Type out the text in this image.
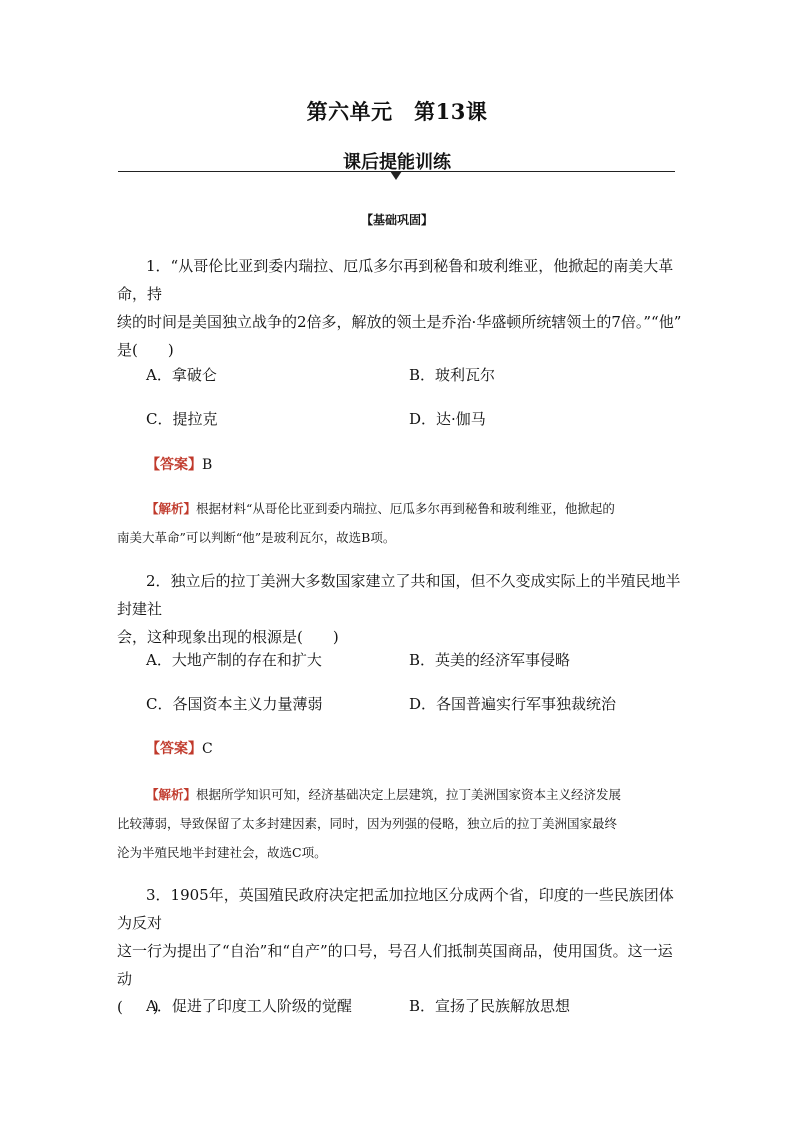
第六单元　第13课
课后提能训练
【基础巩固】

1．“从哥伦比亚到委内瑞拉、厄瓜多尔再到秘鲁和玻利维亚，他掀起的南美大革命，持

续的时间是美国独立战争的2倍多，解放的领土是乔治·华盛顿所统辖领土的7倍。”“他”

是(　　)

A．拿破仑	B．玻利瓦尔
C．提拉克	D．达·伽马
【答案】B

【解析】根据材料“从哥伦比亚到委内瑞拉、厄瓜多尔再到秘鲁和玻利维亚，他掀起的

南美大革命”可以判断“他”是玻利瓦尔，故选B项。

2．独立后的拉丁美洲大多数国家建立了共和国，但不久变成实际上的半殖民地半封建社

会，这种现象出现的根源是(　　)

A．大地产制的存在和扩大	B．英美的经济军事侵略
C．各国资本主义力量薄弱	D．各国普遍实行军事独裁统治
【答案】C

【解析】根据所学知识可知，经济基础决定上层建筑，拉丁美洲国家资本主义经济发展

比较薄弱，导致保留了太多封建因素，同时，因为列强的侵略，独立后的拉丁美洲国家最终

沦为半殖民地半封建社会，故选C项。

3．1905年，英国殖民政府决定把孟加拉地区分成两个省，印度的一些民族团体为反对

这一行为提出了“自治”和“自产”的口号，号召人们抵制英国商品，使用国货。这一运动

(　　)

A．促进了印度工人阶级的觉醒	B．宣扬了民族解放思想
